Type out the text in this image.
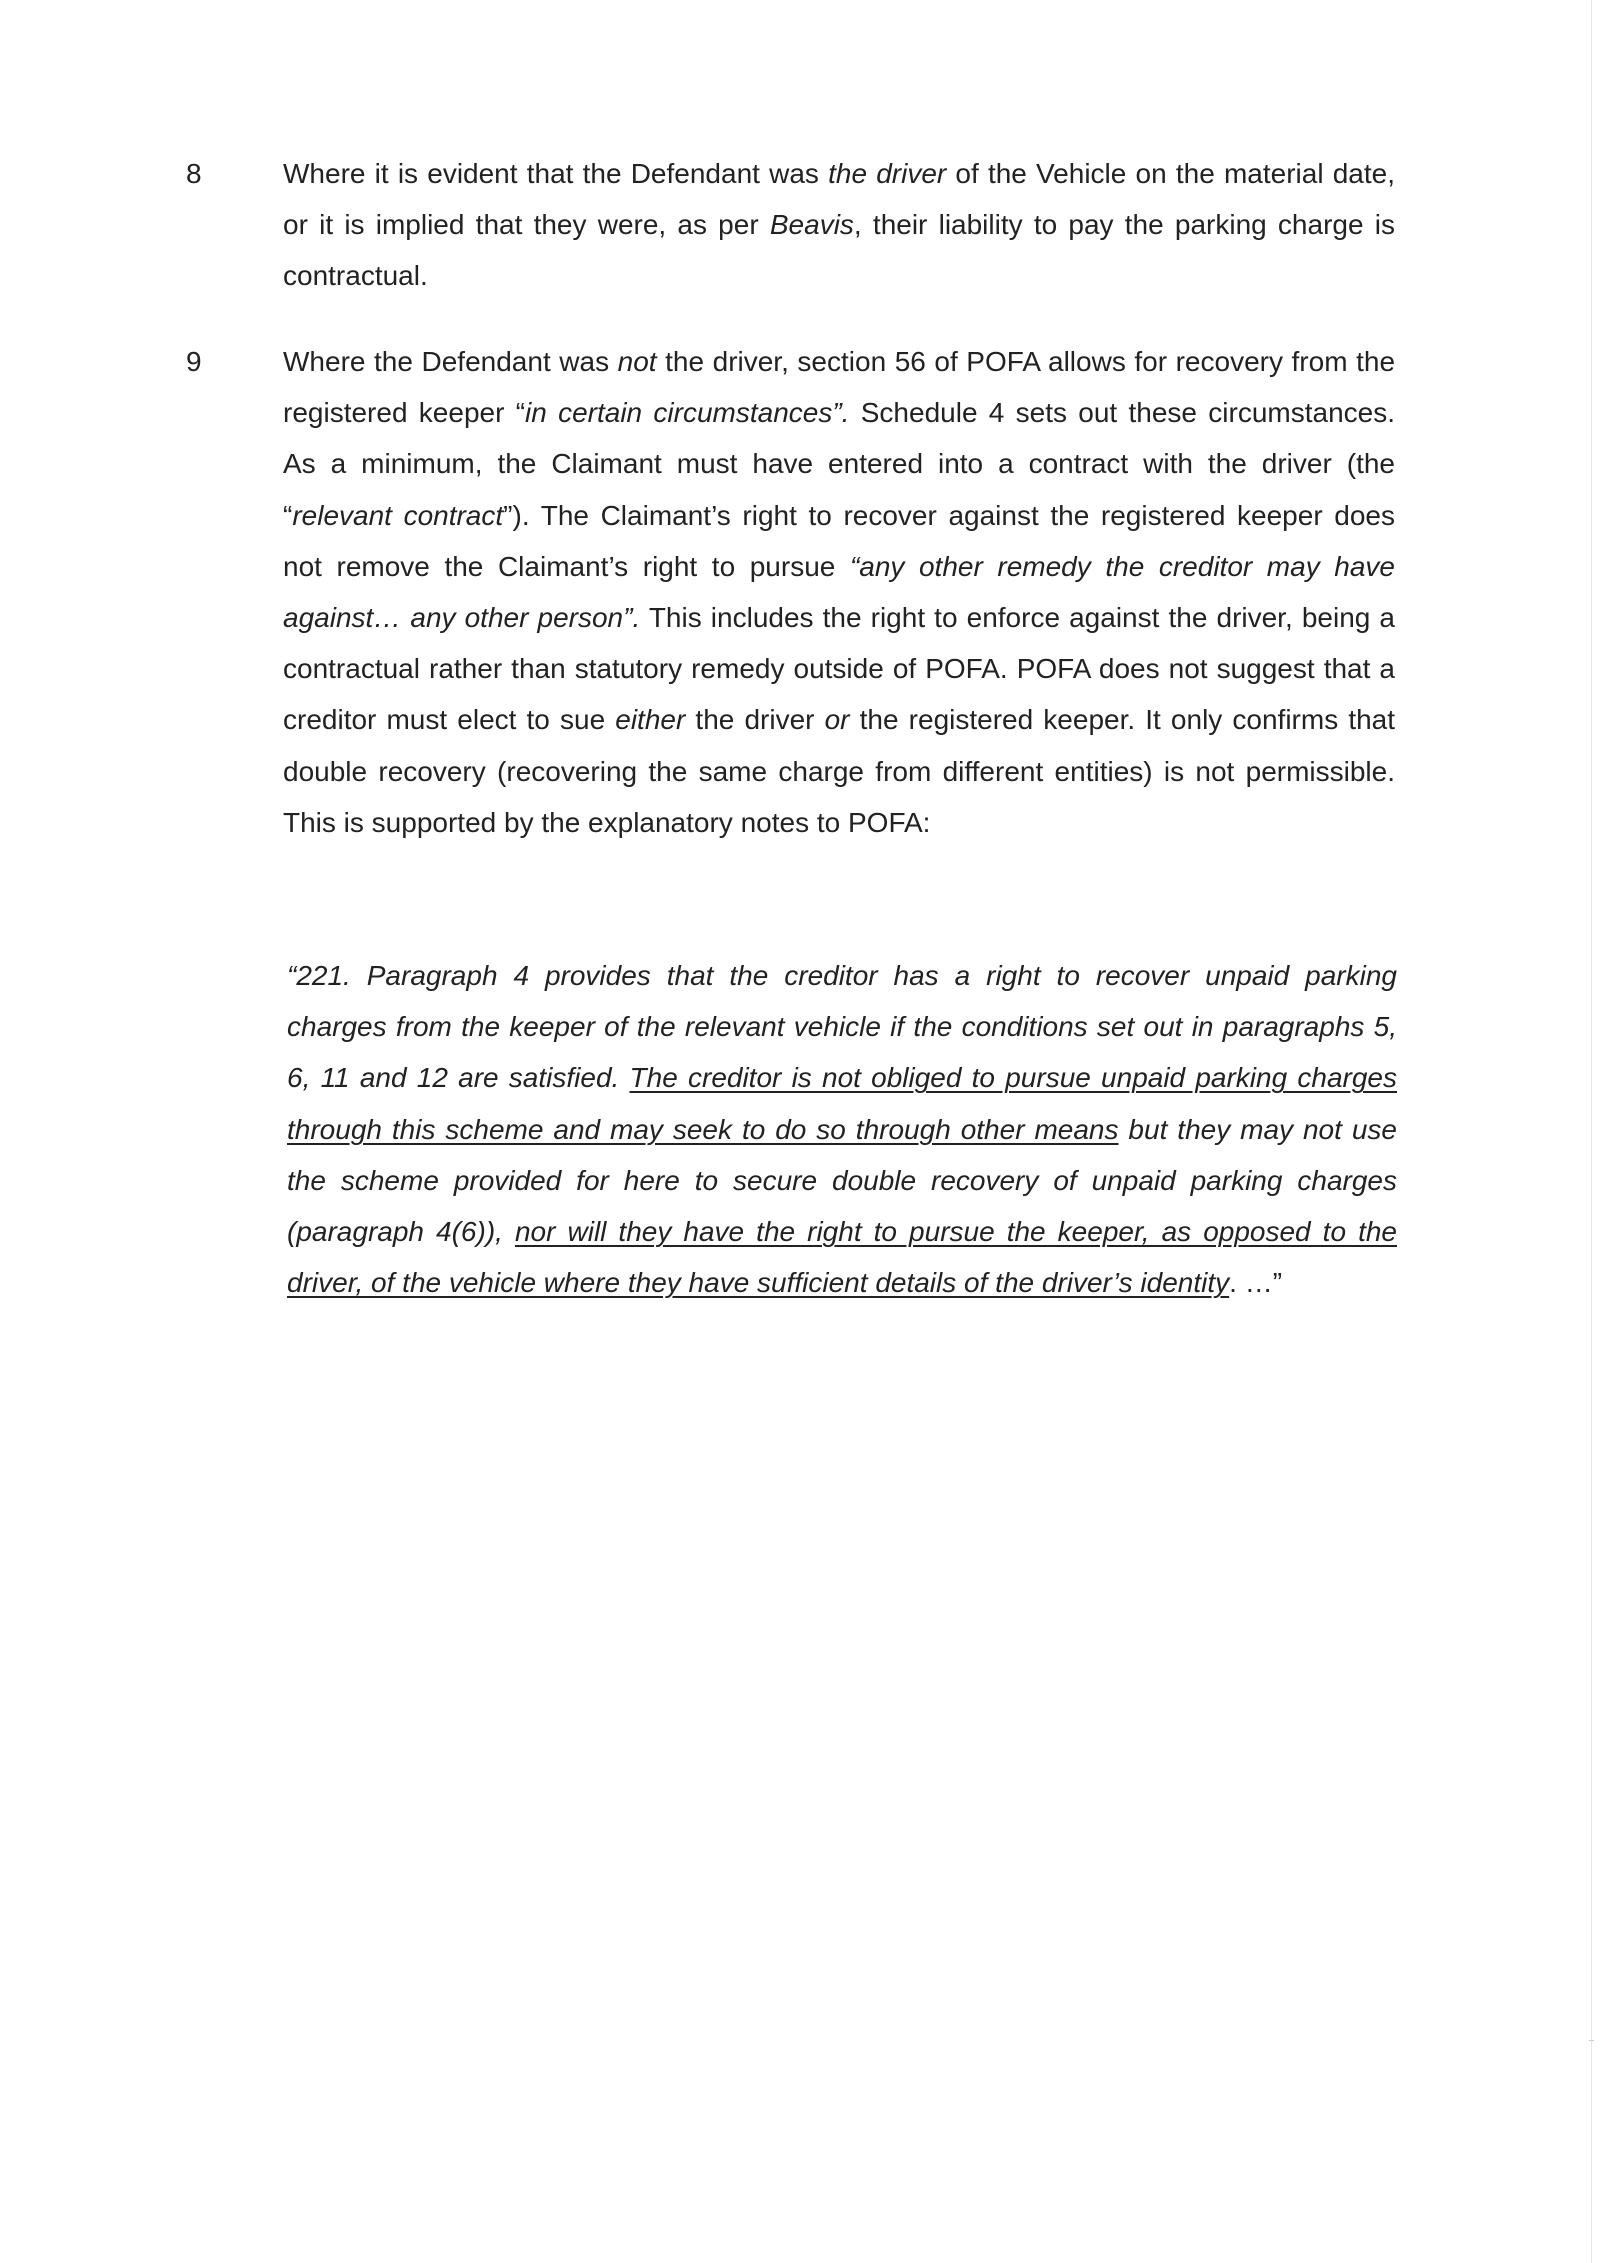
8	Where it is evident that the Defendant was the driver of the Vehicle on the material date, or it is implied that they were, as per Beavis, their liability to pay the parking charge is contractual.
9	Where the Defendant was not the driver, section 56 of POFA allows for recovery from the registered keeper “in certain circumstances”. Schedule 4 sets out these circumstances. As a minimum, the Claimant must have entered into a contract with the driver (the “relevant contract”). The Claimant’s right to recover against the registered keeper does not remove the Claimant’s right to pursue “any other remedy the creditor may have against… any other person”. This includes the right to enforce against the driver, being a contractual rather than statutory remedy outside of POFA. POFA does not suggest that a creditor must elect to sue either the driver or the registered keeper. It only confirms that double recovery (recovering the same charge from different entities) is not permissible. This is supported by the explanatory notes to POFA:
“221. Paragraph 4 provides that the creditor has a right to recover unpaid parking charges from the keeper of the relevant vehicle if the conditions set out in paragraphs 5, 6, 11 and 12 are satisfied. The creditor is not obliged to pursue unpaid parking charges through this scheme and may seek to do so through other means but they may not use the scheme provided for here to secure double recovery of unpaid parking charges (paragraph 4(6)), nor will they have the right to pursue the keeper, as opposed to the driver, of the vehicle where they have sufficient details of the driver’s identity. …”
